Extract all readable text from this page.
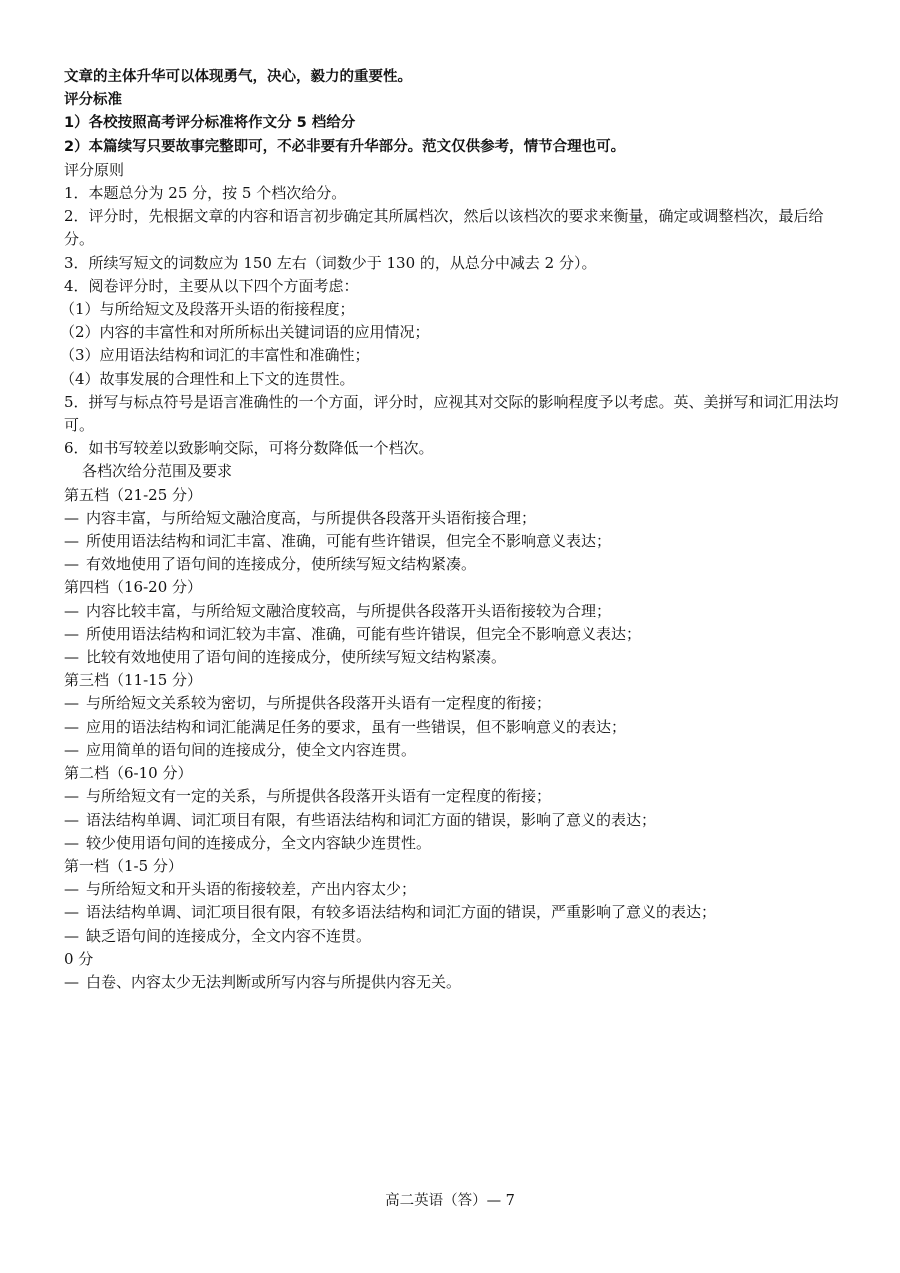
文章的主体升华可以体现勇气，决心，毅力的重要性。
评分标准
1）各校按照高考评分标准将作文分 5 档给分
2）本篇续写只要故事完整即可，不必非要有升华部分。范文仅供参考，情节合理也可。
评分原则
1．本题总分为 25 分，按 5 个档次给分。
2．评分时，先根据文章的内容和语言初步确定其所属档次，然后以该档次的要求来衡量，确定或调整档次，最后给分。
3．所续写短文的词数应为 150 左右（词数少于 130 的，从总分中减去 2 分）。
4．阅卷评分时，主要从以下四个方面考虑：
（1）与所给短文及段落开头语的衔接程度；
（2）内容的丰富性和对所所标出关键词语的应用情况；
（3）应用语法结构和词汇的丰富性和准确性；
（4）故事发展的合理性和上下文的连贯性。
5．拼写与标点符号是语言准确性的一个方面，评分时，应视其对交际的影响程度予以考虑。英、美拼写和词汇用法均可。
6．如书写较差以致影响交际，可将分数降低一个档次。
各档次给分范围及要求
第五档（21-25 分）
— 内容丰富，与所给短文融洽度高，与所提供各段落开头语衔接合理；
— 所使用语法结构和词汇丰富、准确，可能有些许错误，但完全不影响意义表达；
— 有效地使用了语句间的连接成分，使所续写短文结构紧凑。
第四档（16-20 分）
— 内容比较丰富，与所给短文融洽度较高，与所提供各段落开头语衔接较为合理；
— 所使用语法结构和词汇较为丰富、准确，可能有些许错误，但完全不影响意义表达；
— 比较有效地使用了语句间的连接成分，使所续写短文结构紧凑。
第三档（11-15 分）
— 与所给短文关系较为密切，与所提供各段落开头语有一定程度的衔接；
— 应用的语法结构和词汇能满足任务的要求，虽有一些错误，但不影响意义的表达；
— 应用简单的语句间的连接成分，使全文内容连贯。
第二档（6-10 分）
— 与所给短文有一定的关系，与所提供各段落开头语有一定程度的衔接；
— 语法结构单调、词汇项目有限，有些语法结构和词汇方面的错误，影响了意义的表达；
— 较少使用语句间的连接成分，全文内容缺少连贯性。
第一档（1-5 分）
— 与所给短文和开头语的衔接较差，产出内容太少；
— 语法结构单调、词汇项目很有限，有较多语法结构和词汇方面的错误，严重影响了意义的表达；
— 缺乏语句间的连接成分，全文内容不连贯。
0 分
— 白卷、内容太少无法判断或所写内容与所提供内容无关。
高二英语（答）— 7
